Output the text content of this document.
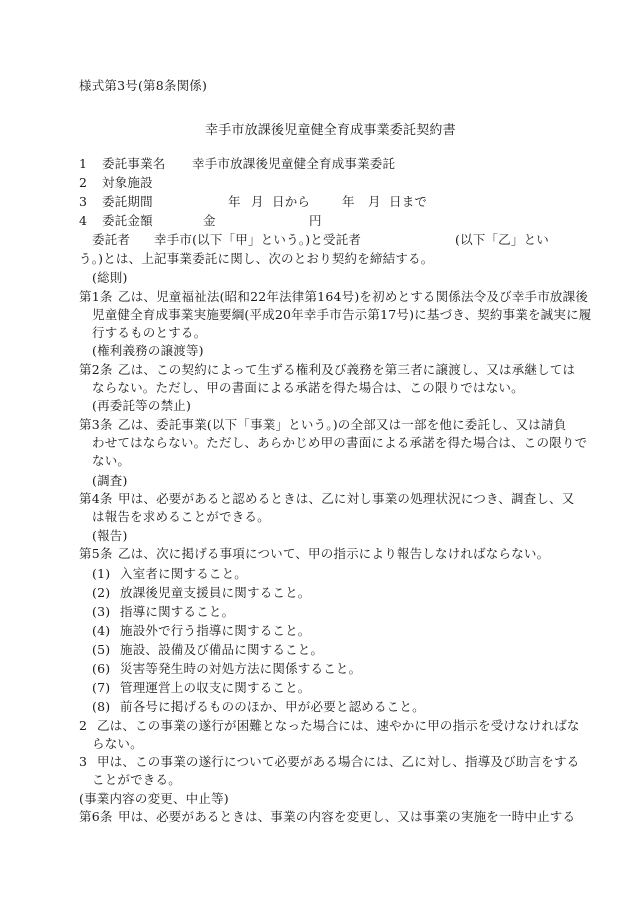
様式第3号(第8条関係)
幸手市放課後児童健全育成事業委託契約書
1 委託事業名 幸手市放課後児童健全育成事業委託
2 対象施設
3 委託期間	年 月 日から	年 月 日まで
4 委託金額	金	円
委託者 幸手市(以下「甲」という。)と受託者	(以下「乙」とい
う。)とは、上記事業委託に関し、次のとおり契約を締結する。
(総則)
第1条 乙は、児童福祉法(昭和22年法律第164号)を初めとする関係法令及び幸手市放課後
児童健全育成事業実施要綱(平成20年幸手市告示第17号)に基づき、契約事業を誠実に履
行するものとする。
(権利義務の譲渡等)
第2条 乙は、この契約によって生ずる権利及び義務を第三者に譲渡し、又は承継しては
ならない。ただし、甲の書面による承諾を得た場合は、この限りではない。
(再委託等の禁止)
第3条 乙は、委託事業(以下「事業」という。)の全部又は一部を他に委託し、又は請負
わせてはならない。ただし、あらかじめ甲の書面による承諾を得た場合は、この限りで
ない。
(調査)
第4条 甲は、必要があると認めるときは、乙に対し事業の処理状況につき、調査し、又
は報告を求めることができる。
(報告)
第5条 乙は、次に掲げる事項について、甲の指示により報告しなければならない。
(1) 入室者に関すること。
(2) 放課後児童支援員に関すること。
(3) 指導に関すること。
(4) 施設外で行う指導に関すること。
(5) 施設、設備及び備品に関すること。
(6) 災害等発生時の対処方法に関係すること。
(7) 管理運営上の収支に関すること。
(8) 前各号に掲げるもののほか、甲が必要と認めること。
2 乙は、この事業の遂行が困難となった場合には、速やかに甲の指示を受けなければな
らない。
3 甲は、この事業の遂行について必要がある場合には、乙に対し、指導及び助言をする
ことができる。
(事業内容の変更、中止等)
第6条 甲は、必要があるときは、事業の内容を変更し、又は事業の実施を一時中止する
